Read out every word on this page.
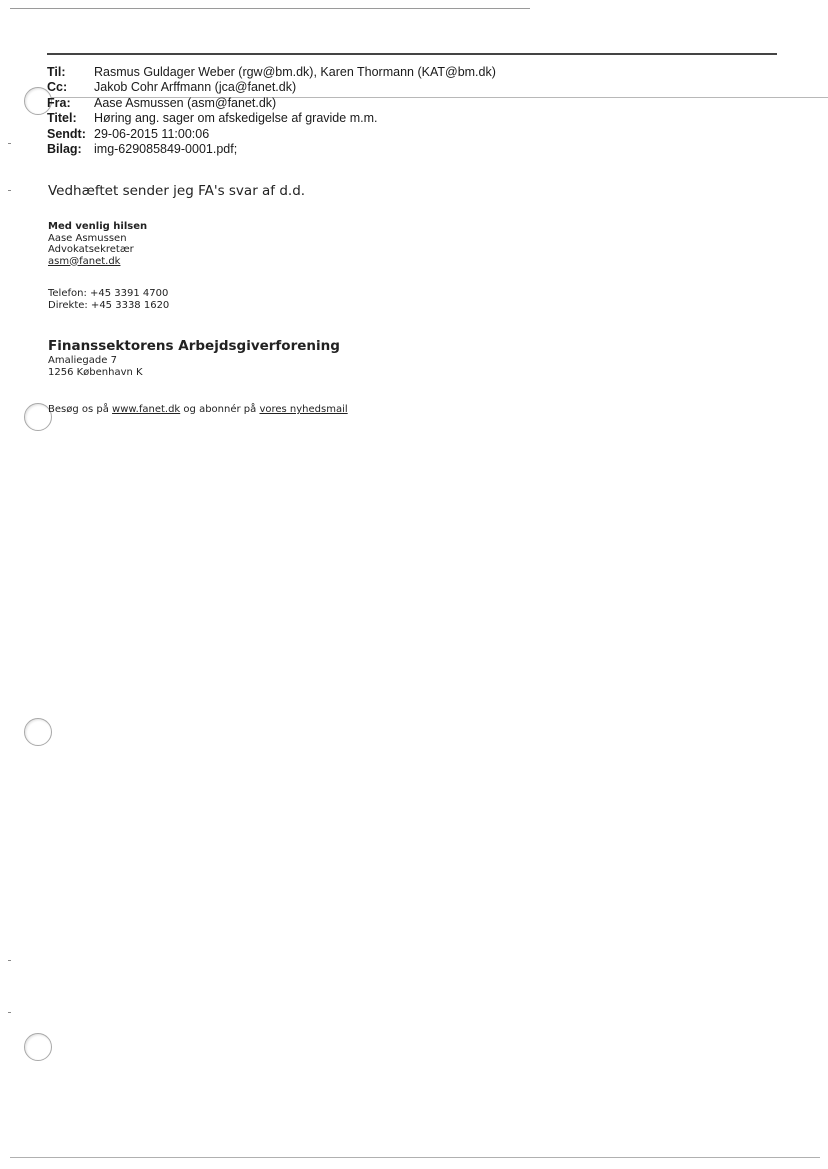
Til:	Rasmus Guldager Weber (rgw@bm.dk), Karen Thormann (KAT@bm.dk)
Cc:	Jakob Cohr Arffmann (jca@fanet.dk)
Fra:	Aase Asmussen (asm@fanet.dk)
Titel:	Høring ang. sager om afskedigelse af gravide m.m.
Sendt: 29-06-2015 11:00:06
Bilag: img-629085849-0001.pdf;
Vedhæftet sender jeg FA's svar af d.d.
Med venlig hilsen
Aase Asmussen
Advokatsekretær
asm@fanet.dk
Telefon: +45 3391 4700
Direkte: +45 3338 1620
Finanssektorens Arbejdsgiverforening
Amaliegade 7
1256 København K
Besøg os på www.fanet.dk og abonnér på vores nyhedsmail
